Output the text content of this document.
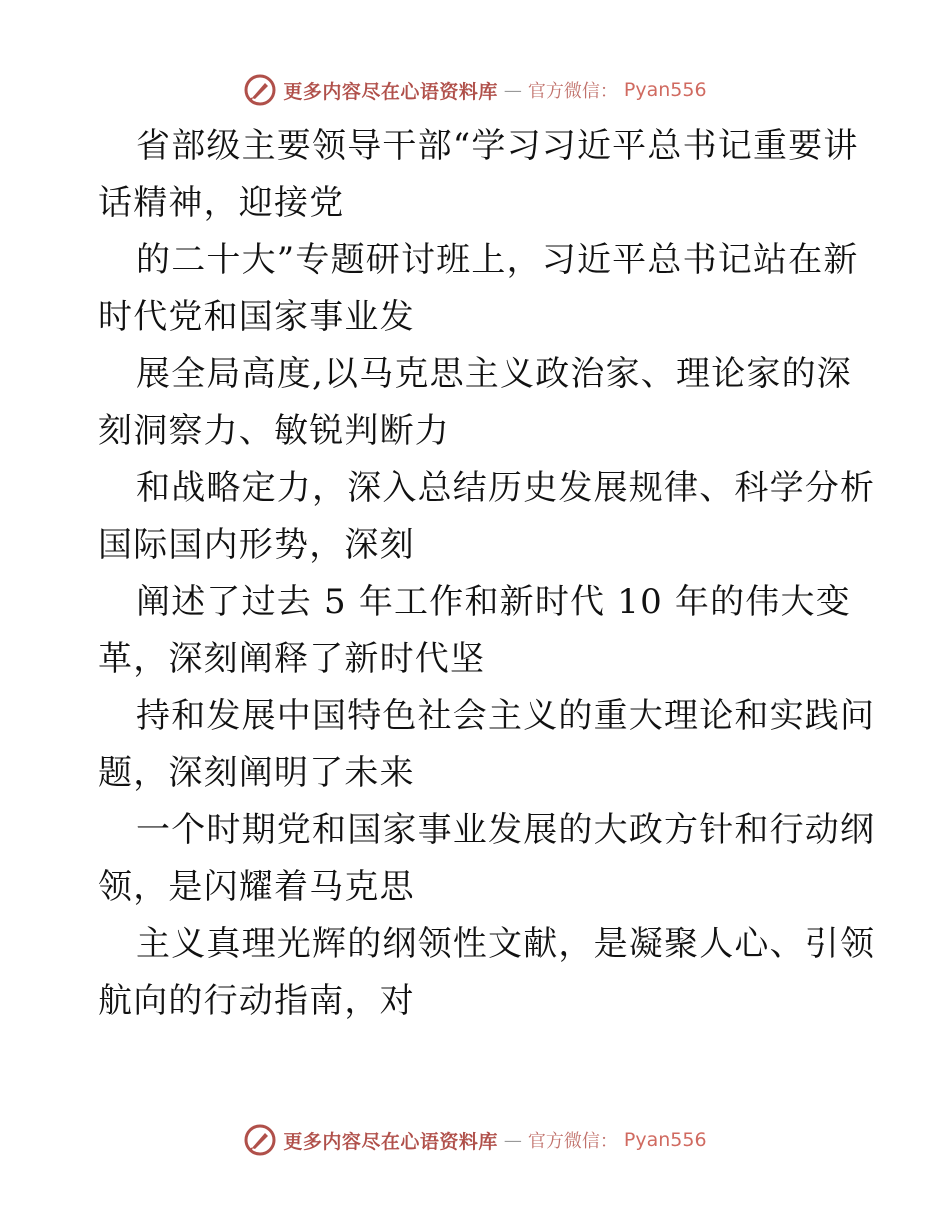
更多内容尽在心语资料库 — 官方微信： Pyan556

省部级主要领导干部“学习习近平总书记重要讲
话精神，迎接党

的二十大”专题研讨班上，习近平总书记站在新
时代党和国家事业发

展全局高度,以马克思主义政治家、理论家的深
刻洞察力、敏锐判断力

和战略定力，深入总结历史发展规律、科学分析
国际国内形势，深刻

阐述了过去 5 年工作和新时代 10 年的伟大变
革，深刻阐释了新时代坚

持和发展中国特色社会主义的重大理论和实践问
题，深刻阐明了未来

一个时期党和国家事业发展的大政方针和行动纲
领，是闪耀着马克思

主义真理光辉的纲领性文献，是凝聚人心、引领
航向的行动指南，对

更多内容尽在心语资料库 — 官方微信： Pyan556
